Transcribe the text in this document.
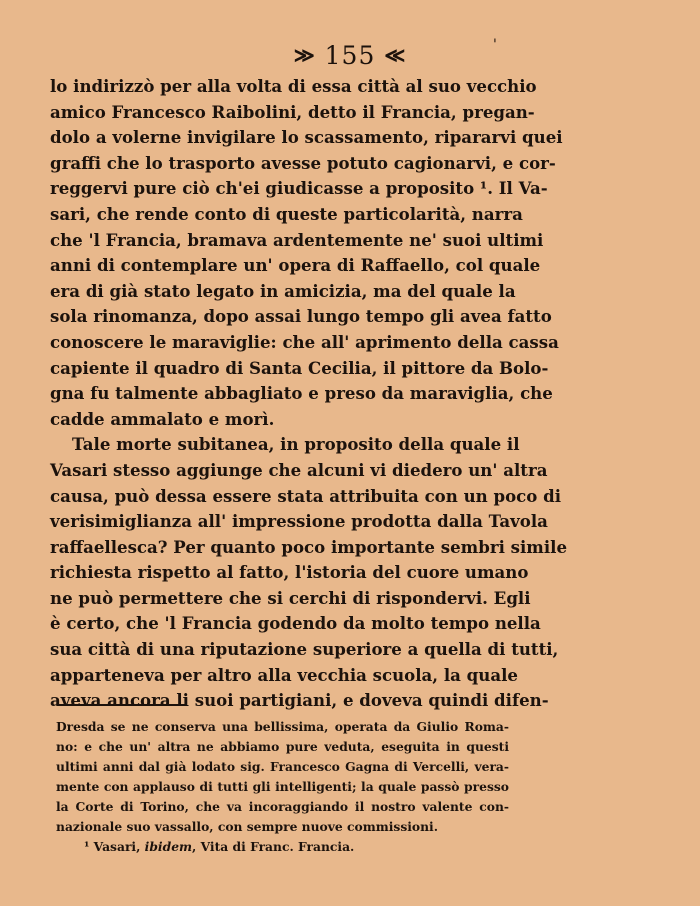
≫ 155 ≪	'
lo indirizzò per alla volta di essa città al suo vecchio
amico Francesco Raibolini, detto il Francia, pregan-
dolo a volerne invigilare lo scassamento, ripararvi quei
graffi che lo trasporto avesse potuto cagionarvi, e cor-
reggervi pure ciò ch'ei giudicasse a proposito ¹. Il Va-
sari, che rende conto di queste particolarità, narra
che 'l Francia, bramava ardentemente ne' suoi ultimi
anni di contemplare un' opera di Raffaello, col quale
era di già stato legato in amicizia, ma del quale la
sola rinomanza, dopo assai lungo tempo gli avea fatto
conoscere le maraviglie: che all' aprimento della cassa
capiente il quadro di Santa Cecilia, il pittore da Bolo-
gna fu talmente abbagliato e preso da maraviglia, che
cadde ammalato e morì.
Tale morte subitanea, in proposito della quale il
Vasari stesso aggiunge che alcuni vi diedero un' altra
causa, può dessa essere stata attribuita con un poco di
verisimiglianza all' impressione prodotta dalla Tavola
raffaellesca? Per quanto poco importante sembri simile
richiesta rispetto al fatto, l'istoria del cuore umano
ne può permettere che si cerchi di rispondervi. Egli
è certo, che 'l Francia godendo da molto tempo nella
sua città di una riputazione superiore a quella di tutti,
apparteneva per altro alla vecchia scuola, la quale
aveva ancora li suoi partigiani, e doveva quindi difen-
Dresda se ne conserva una bellissima, operata da Giulio Roma-
no: e che un' altra ne abbiamo pure veduta, eseguita in questi
ultimi anni dal già lodato sig. Francesco Gagna di Vercelli, vera-
mente con applauso di tutti gli intelligenti; la quale passò presso
la Corte di Torino, che va incoraggiando il nostro valente con-
nazionale suo vassallo, con sempre nuove commissioni.
¹ Vasari, ibidem, Vita di Franc. Francia.
